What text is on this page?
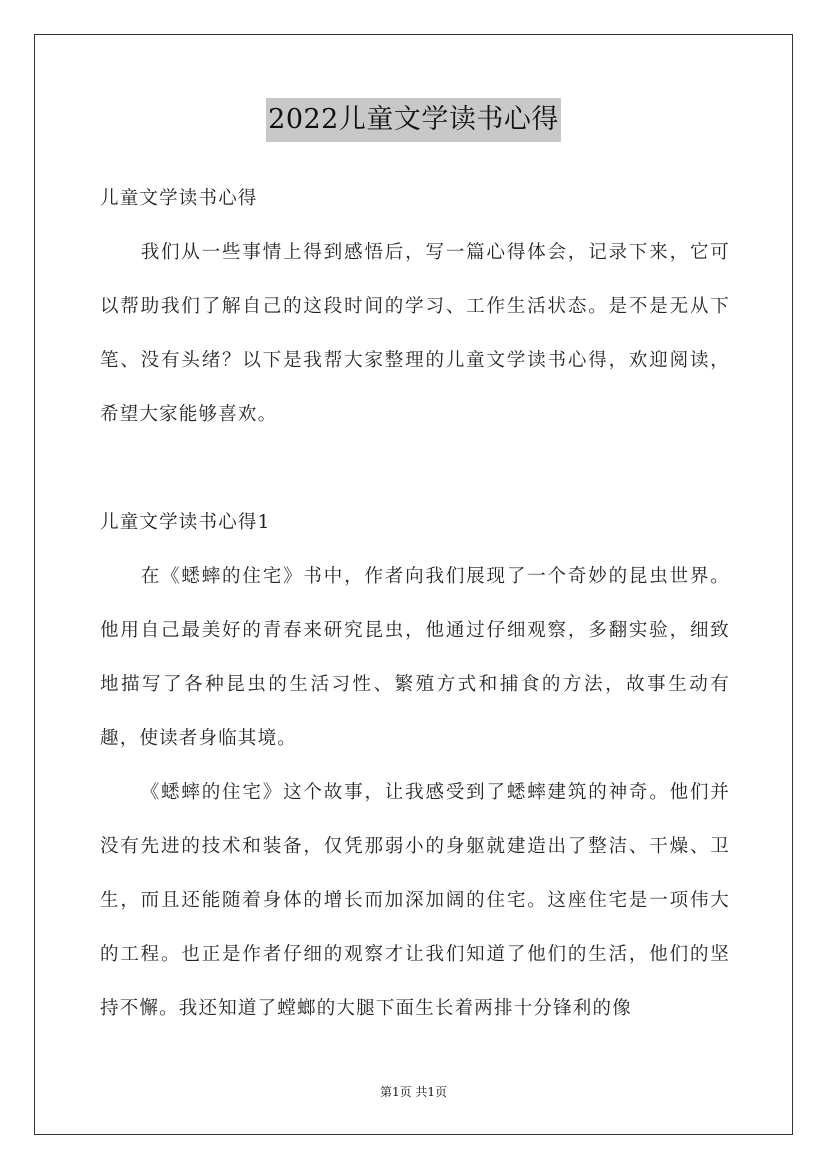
2022儿童文学读书心得

儿童文学读书心得

我们从一些事情上得到感悟后，写一篇心得体会，记录下来，它可以帮助我们了解自己的这段时间的学习、工作生活状态。是不是无从下笔、没有头绪？以下是我帮大家整理的儿童文学读书心得，欢迎阅读，希望大家能够喜欢。

儿童文学读书心得1

在《蟋蟀的住宅》书中，作者向我们展现了一个奇妙的昆虫世界。他用自己最美好的青春来研究昆虫，他通过仔细观察，多翻实验，细致地描写了各种昆虫的生活习性、繁殖方式和捕食的方法，故事生动有趣，使读者身临其境。

《蟋蟀的住宅》这个故事，让我感受到了蟋蟀建筑的神奇。他们并没有先进的技术和装备，仅凭那弱小的身躯就建造出了整洁、干燥、卫生，而且还能随着身体的增长而加深加阔的住宅。这座住宅是一项伟大的工程。也正是作者仔细的观察才让我们知道了他们的生活，他们的坚持不懈。我还知道了螳螂的大腿下面生长着两排十分锋利的像

第1页 共1页
